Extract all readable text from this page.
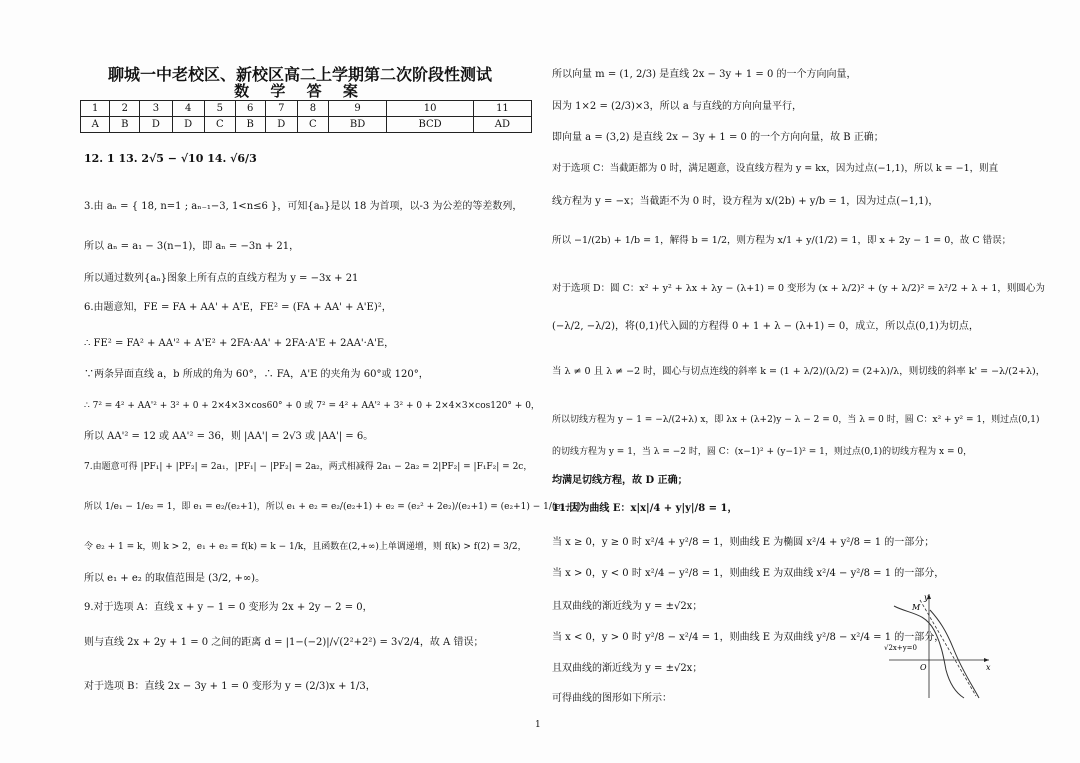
聊城一中老校区、新校区高二上学期第二次阶段性测试
数 学 答 案
1	2	3	4	5	6	7	8	9	10	11
A	B	D	D	C	B	D	C	BD	BCD	AD
12. 1 13. 2√5 − √10 14. √6/3
3.由 aₙ = { 18, n=1 ; aₙ₋₁−3, 1<n≤6 }，可知{aₙ}是以 18 为首项，以-3 为公差的等差数列，
所以 aₙ = a₁ − 3(n−1)，即 aₙ = −3n + 21，
所以通过数列{aₙ}图象上所有点的直线方程为 y = −3x + 21
6.由题意知，FE = FA + AA' + A'E，FE² = (FA + AA' + A'E)²，
∴ FE² = FA² + AA'² + A'E² + 2FA·AA' + 2FA·A'E + 2AA'·A'E，
∵两条异面直线 a，b 所成的角为 60°，∴ FA，A'E 的夹角为 60°或 120°，
∴ 7² = 4² + AA'² + 3² + 0 + 2×4×3×cos60° + 0 或 7² = 4² + AA'² + 3² + 0 + 2×4×3×cos120° + 0，
所以 AA'² = 12 或 AA'² = 36，则 |AA'| = 2√3 或 |AA'| = 6。
7.由题意可得 |PF₁| + |PF₂| = 2a₁，|PF₁| − |PF₂| = 2a₂，两式相减得 2a₁ − 2a₂ = 2|PF₂| = |F₁F₂| = 2c，
所以 1/e₁ − 1/e₂ = 1，即 e₁ = e₂/(e₂+1)，所以 e₁ + e₂ = e₂/(e₂+1) + e₂ = (e₂² + 2e₂)/(e₂+1) = (e₂+1) − 1/(e₂+1)，
令 e₂ + 1 = k，则 k > 2，e₁ + e₂ = f(k) = k − 1/k，且函数在(2,+∞)上单调递增，则 f(k) > f(2) = 3/2，
所以 e₁ + e₂ 的取值范围是 (3/2, +∞)。
9.对于选项 A：直线 x + y − 1 = 0 变形为 2x + 2y − 2 = 0，
则与直线 2x + 2y + 1 = 0 之间的距离 d = |1−(−2)|/√(2²+2²) = 3√2/4，故 A 错误；
对于选项 B：直线 2x − 3y + 1 = 0 变形为 y = (2/3)x + 1/3，
所以向量 m = (1, 2/3) 是直线 2x − 3y + 1 = 0 的一个方向向量，
因为 1×2 = (2/3)×3，所以 a 与直线的方向向量平行，
即向量 a = (3,2) 是直线 2x − 3y + 1 = 0 的一个方向向量，故 B 正确；
对于选项 C：当截距都为 0 时，满足题意，设直线方程为 y = kx，因为过点(−1,1)，所以 k = −1，则直
线方程为 y = −x；当截距不为 0 时，设方程为 x/(2b) + y/b = 1，因为过点(−1,1)，
所以 −1/(2b) + 1/b = 1，解得 b = 1/2，则方程为 x/1 + y/(1/2) = 1，即 x + 2y − 1 = 0，故 C 错误；
对于选项 D：圆 C：x² + y² + λx + λy − (λ+1) = 0 变形为 (x + λ/2)² + (y + λ/2)² = λ²/2 + λ + 1，则圆心为
(−λ/2, −λ/2)，将(0,1)代入圆的方程得 0 + 1 + λ − (λ+1) = 0，成立，所以点(0,1)为切点，
当 λ ≠ 0 且 λ ≠ −2 时，圆心与切点连线的斜率 k = (1 + λ/2)/(λ/2) = (2+λ)/λ，则切线的斜率 k' = −λ/(2+λ)，
所以切线方程为 y − 1 = −λ/(2+λ) x，即 λx + (λ+2)y − λ − 2 = 0，当 λ = 0 时，圆 C：x² + y² = 1，则过点(0,1)
的切线方程为 y = 1，当 λ = −2 时，圆 C：(x−1)² + (y−1)² = 1，则过点(0,1)的切线方程为 x = 0，
均满足切线方程，故 D 正确；
11.因为曲线 E：x|x|/4 + y|y|/8 = 1，
当 x ≥ 0，y ≥ 0 时 x²/4 + y²/8 = 1，则曲线 E 为椭圆 x²/4 + y²/8 = 1 的一部分；
当 x > 0，y < 0 时 x²/4 − y²/8 = 1，则曲线 E 为双曲线 x²/4 − y²/8 = 1 的一部分，
且双曲线的渐近线为 y = ±√2x；
当 x < 0，y > 0 时 y²/8 − x²/4 = 1，则曲线 E 为双曲线 y²/8 − x²/4 = 1 的一部分，
且双曲线的渐近线为 y = ±√2x；
可得曲线的图形如下所示：
y
x
O
M
√2x+y=0
1
